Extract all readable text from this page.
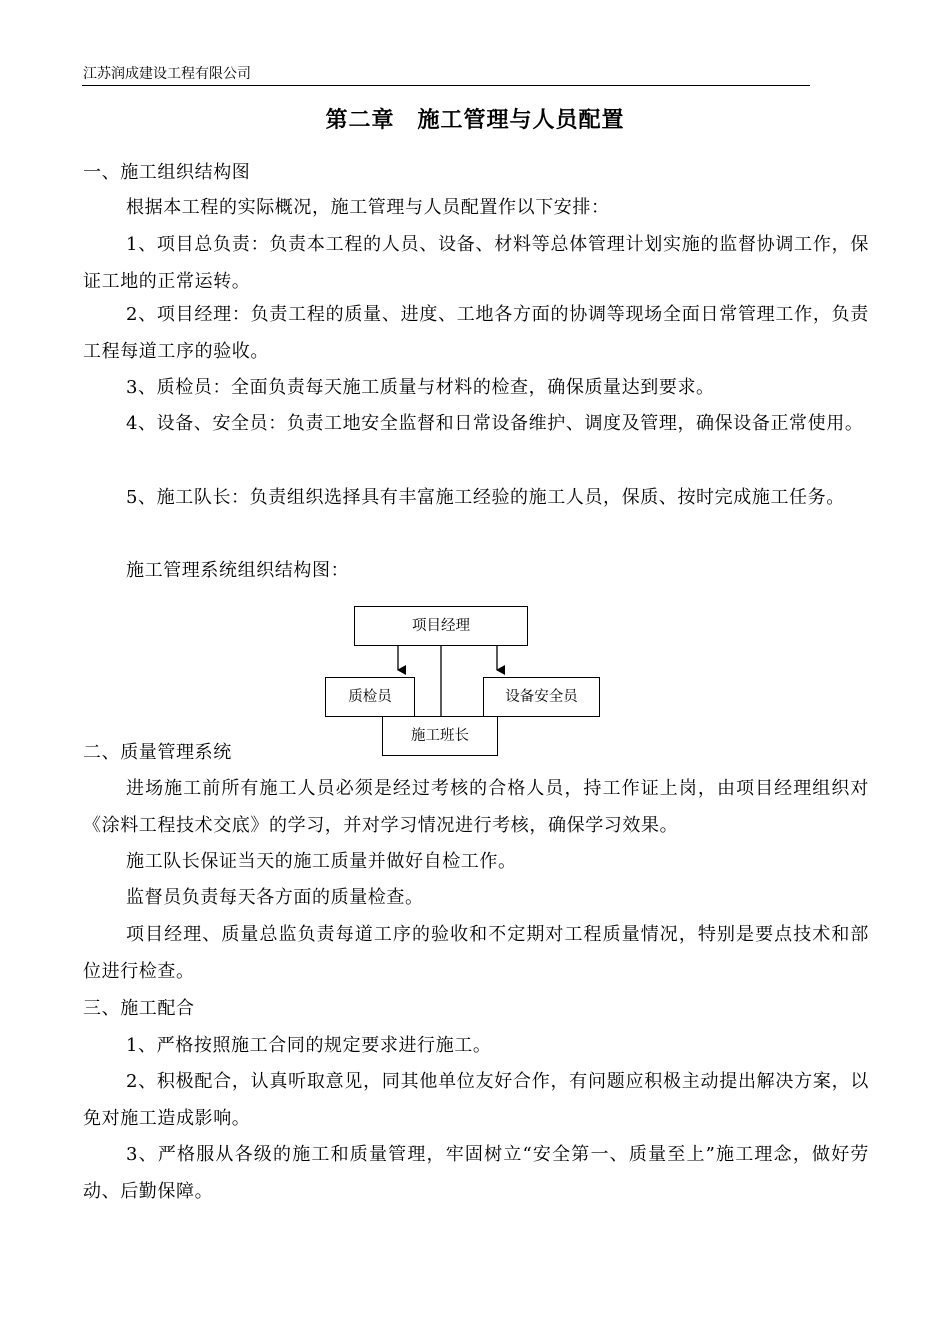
江苏润成建设工程有限公司
第二章　施工管理与人员配置
一、施工组织结构图
根据本工程的实际概况，施工管理与人员配置作以下安排：
1、项目总负责：负责本工程的人员、设备、材料等总体管理计划实施的监督协调工作，保证工地的正常运转。
2、项目经理：负责工程的质量、进度、工地各方面的协调等现场全面日常管理工作，负责工程每道工序的验收。
3、质检员：全面负责每天施工质量与材料的检查，确保质量达到要求。
4、设备、安全员：负责工地安全监督和日常设备维护、调度及管理，确保设备正常使用。
5、施工队长：负责组织选择具有丰富施工经验的施工人员，保质、按时完成施工任务。
施工管理系统组织结构图：
项目经理
质检员	设备安全员
施工班长
二、质量管理系统
进场施工前所有施工人员必须是经过考核的合格人员，持工作证上岗，由项目经理组织对《涂料工程技术交底》的学习，并对学习情况进行考核，确保学习效果。
施工队长保证当天的施工质量并做好自检工作。
监督员负责每天各方面的质量检查。
项目经理、质量总监负责每道工序的验收和不定期对工程质量情况，特别是要点技术和部位进行检查。
三、施工配合
1、严格按照施工合同的规定要求进行施工。
2、积极配合，认真听取意见，同其他单位友好合作，有问题应积极主动提出解决方案，以免对施工造成影响。
3、严格服从各级的施工和质量管理，牢固树立“安全第一、质量至上”施工理念，做好劳动、后勤保障。
